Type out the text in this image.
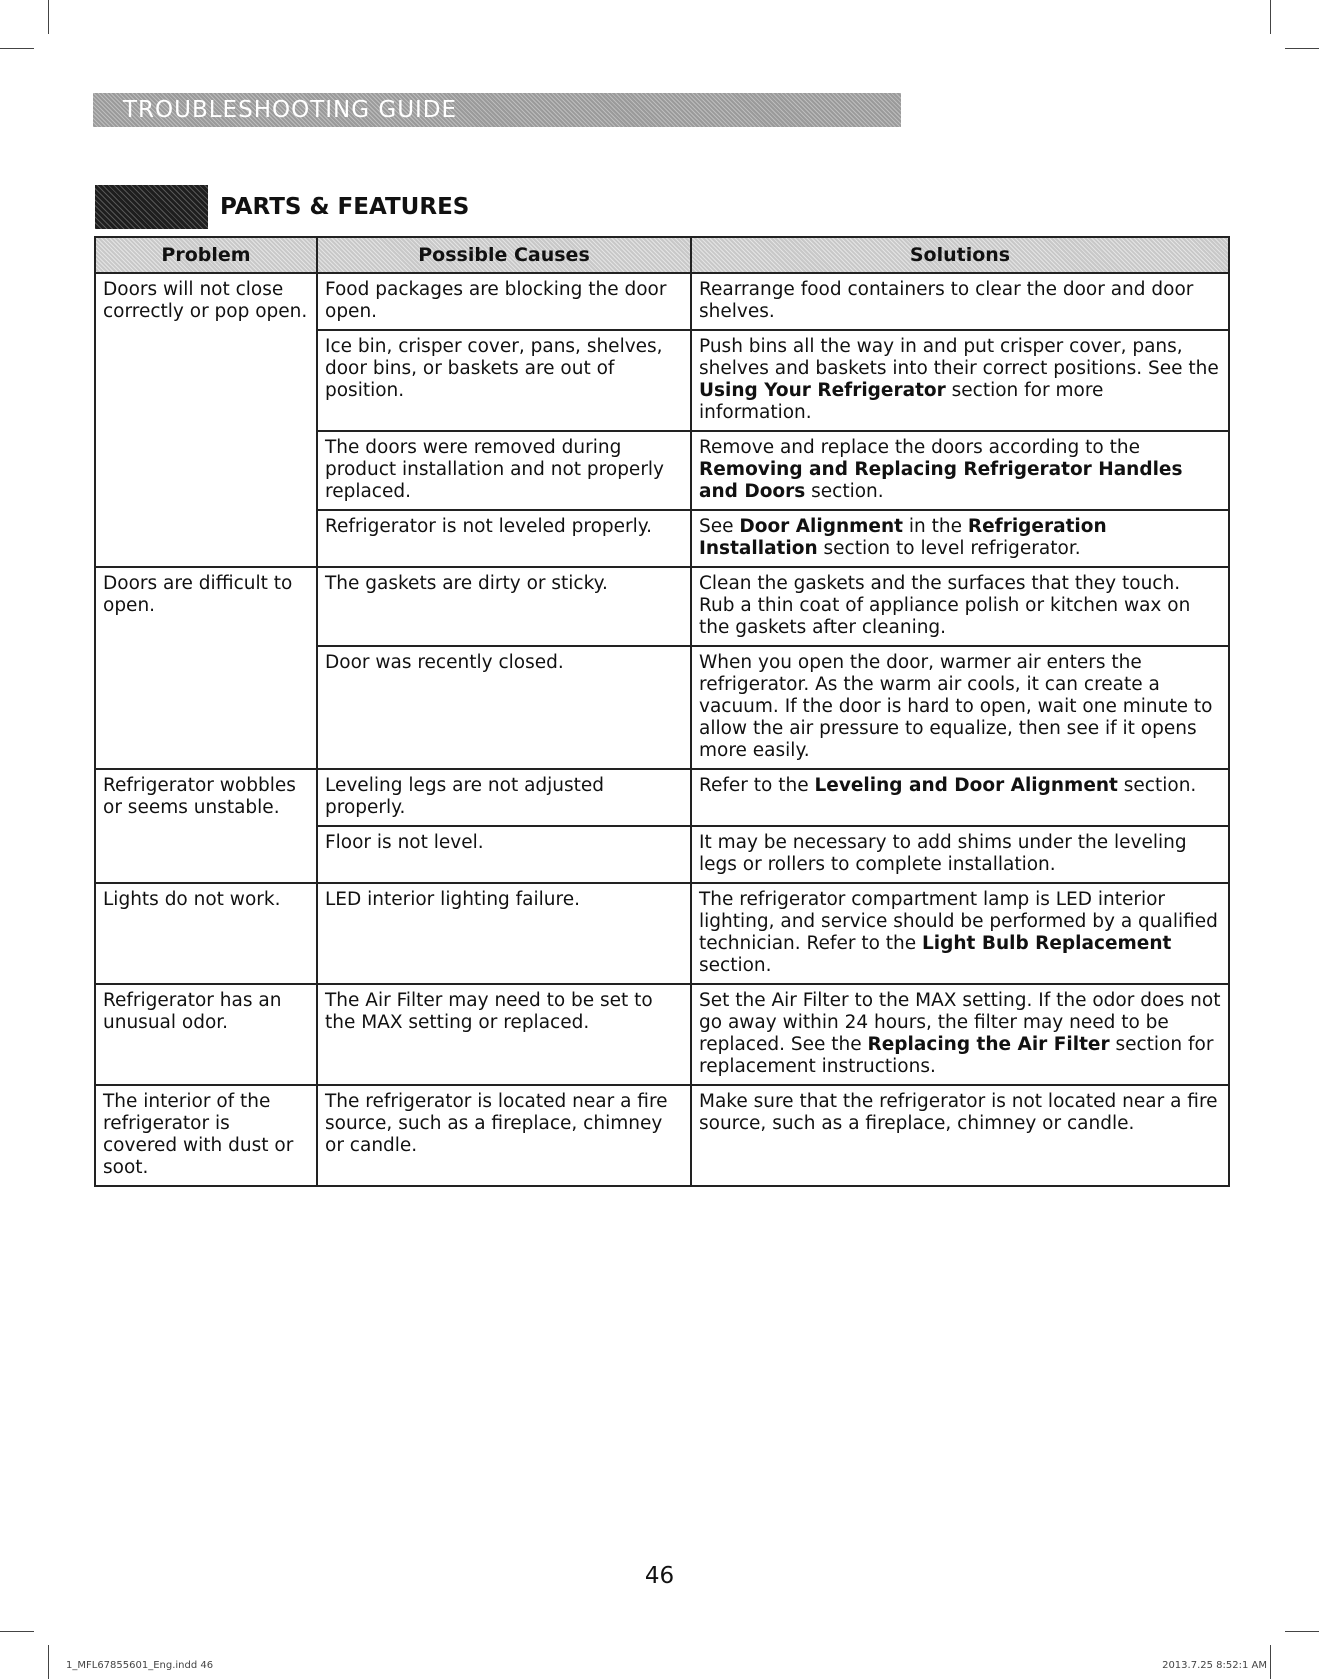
TROUBLESHOOTING GUIDE
PARTS & FEATURES
Problem	Possible Causes	Solutions
Doors will not close correctly or pop open.	Food packages are blocking the door open.	Rearrange food containers to clear the door and door shelves.
	Ice bin, crisper cover, pans, shelves, door bins, or baskets are out of position.	Push bins all the way in and put crisper cover, pans, shelves and baskets into their correct positions. See the Using Your Refrigerator section for more information.
	The doors were removed during product installation and not properly replaced.	Remove and replace the doors according to the Removing and Replacing Refrigerator Handles and Doors section.
	Refrigerator is not leveled properly.	See Door Alignment in the Refrigeration Installation section to level refrigerator.
Doors are difficult to open.	The gaskets are dirty or sticky.	Clean the gaskets and the surfaces that they touch. Rub a thin coat of appliance polish or kitchen wax on the gaskets after cleaning.
	Door was recently closed.	When you open the door, warmer air enters the refrigerator. As the warm air cools, it can create a vacuum. If the door is hard to open, wait one minute to allow the air pressure to equalize, then see if it opens more easily.
Refrigerator wobbles or seems unstable.	Leveling legs are not adjusted properly.	Refer to the Leveling and Door Alignment section.
	Floor is not level.	It may be necessary to add shims under the leveling legs or rollers to complete installation.
Lights do not work.	LED interior lighting failure.	The refrigerator compartment lamp is LED interior lighting, and service should be performed by a qualified technician. Refer to the Light Bulb Replacement section.
Refrigerator has an unusual odor.	The Air Filter may need to be set to the MAX setting or replaced.	Set the Air Filter to the MAX setting. If the odor does not go away within 24 hours, the filter may need to be replaced. See the Replacing the Air Filter section for replacement instructions.
The interior of the refrigerator is covered with dust or soot.	The refrigerator is located near a fire source, such as a fireplace, chimney or candle.	Make sure that the refrigerator is not located near a fire source, such as a fireplace, chimney or candle.
46
1_MFL67855601_Eng.indd 46	2013.7.25 8:52:1 AM
